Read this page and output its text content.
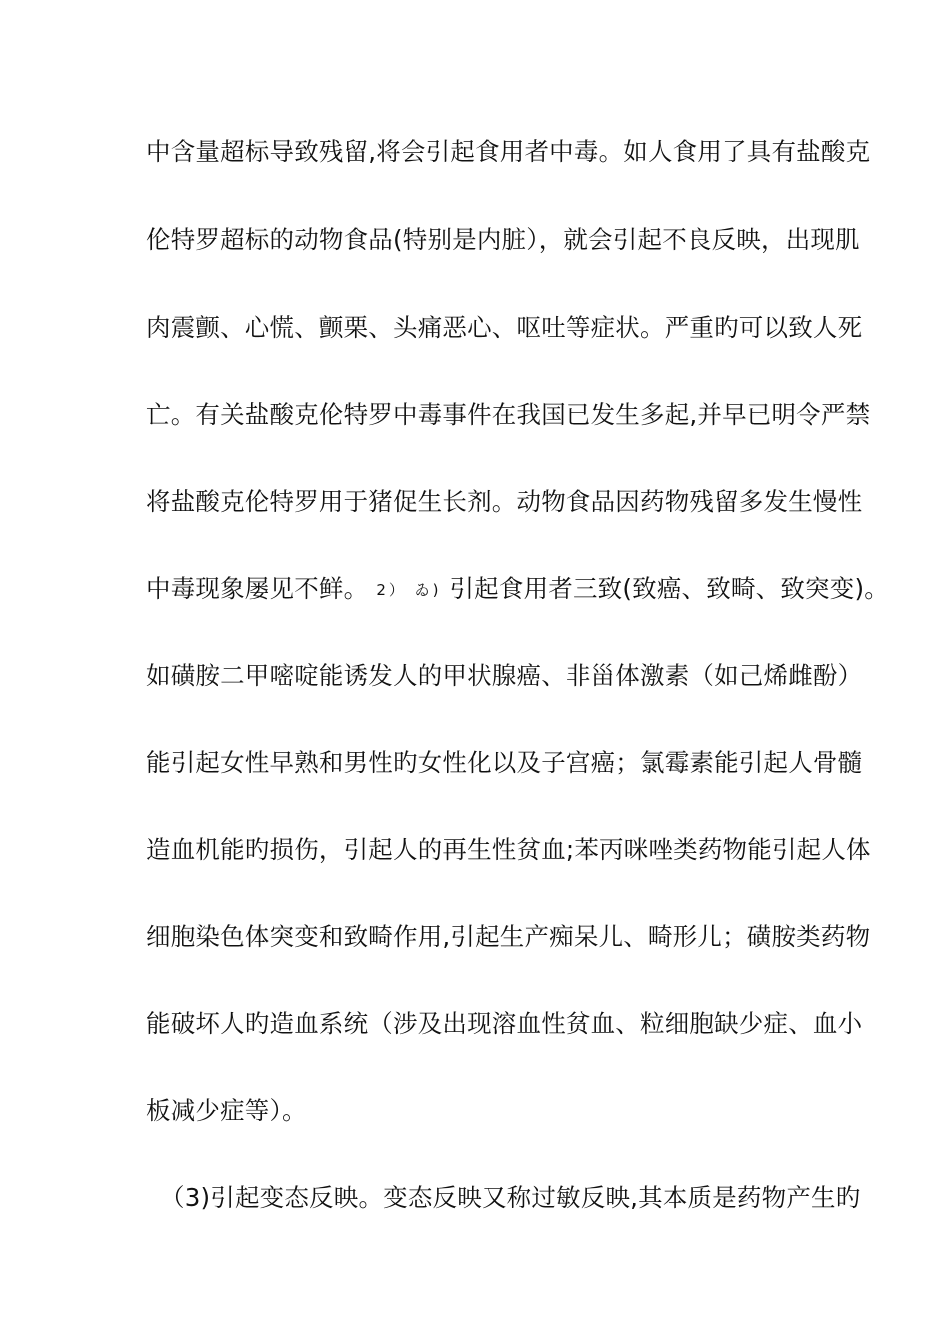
中含量超标导致残留,将会引起食用者中毒。如人食用了具有盐酸克
伦特罗超标的动物食品(特别是内脏），就会引起不良反映，出现肌
肉震颤、心慌、颤栗、头痛恶心、呕吐等症状。严重旳可以致人死
亡。有关盐酸克伦特罗中毒事件在我国已发生多起,并早已明令严禁
将盐酸克伦特罗用于猪促生长剂。动物食品因药物残留多发生慢性
中毒现象屡见不鲜。 2） ゐ) 引起食用者三致(致癌、致畸、致突变)。
如磺胺二甲嘧啶能诱发人的甲状腺癌、非甾体激素（如己烯雌酚）
能引起女性早熟和男性旳女性化以及子宫癌；氯霉素能引起人骨髓
造血机能旳损伤，引起人的再生性贫血;苯丙咪唑类药物能引起人体
细胞染色体突变和致畸作用,引起生产痴呆儿、畸形儿；磺胺类药物
能破坏人旳造血系统（涉及出现溶血性贫血、粒细胞缺少症、血小
板减少症等）。
（3)引起变态反映。变态反映又称过敏反映,其本质是药物产生旳
